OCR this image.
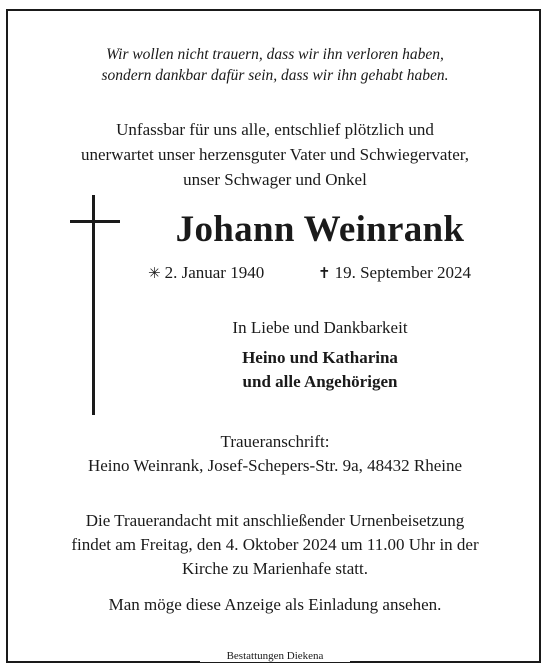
Wir wollen nicht trauern, dass wir ihn verloren haben,
sondern dankbar dafür sein, dass wir ihn gehabt haben.
Unfassbar für uns alle, entschlief plötzlich und
unerwartet unser herzensguter Vater und Schwiegervater,
unser Schwager und Onkel
Johann Weinrank
✳ 2. Januar 1940	✝ 19. September 2024
In Liebe und Dankbarkeit
Heino und Katharina
und alle Angehörigen
Traueranschrift:
Heino Weinrank, Josef-Schepers-Str. 9a, 48432 Rheine
Die Trauerandacht mit anschließender Urnenbeisetzung
findet am Freitag, den 4. Oktober 2024 um 11.00 Uhr in der
Kirche zu Marienhafe statt.
Man möge diese Anzeige als Einladung ansehen.
Bestattungen Diekena
